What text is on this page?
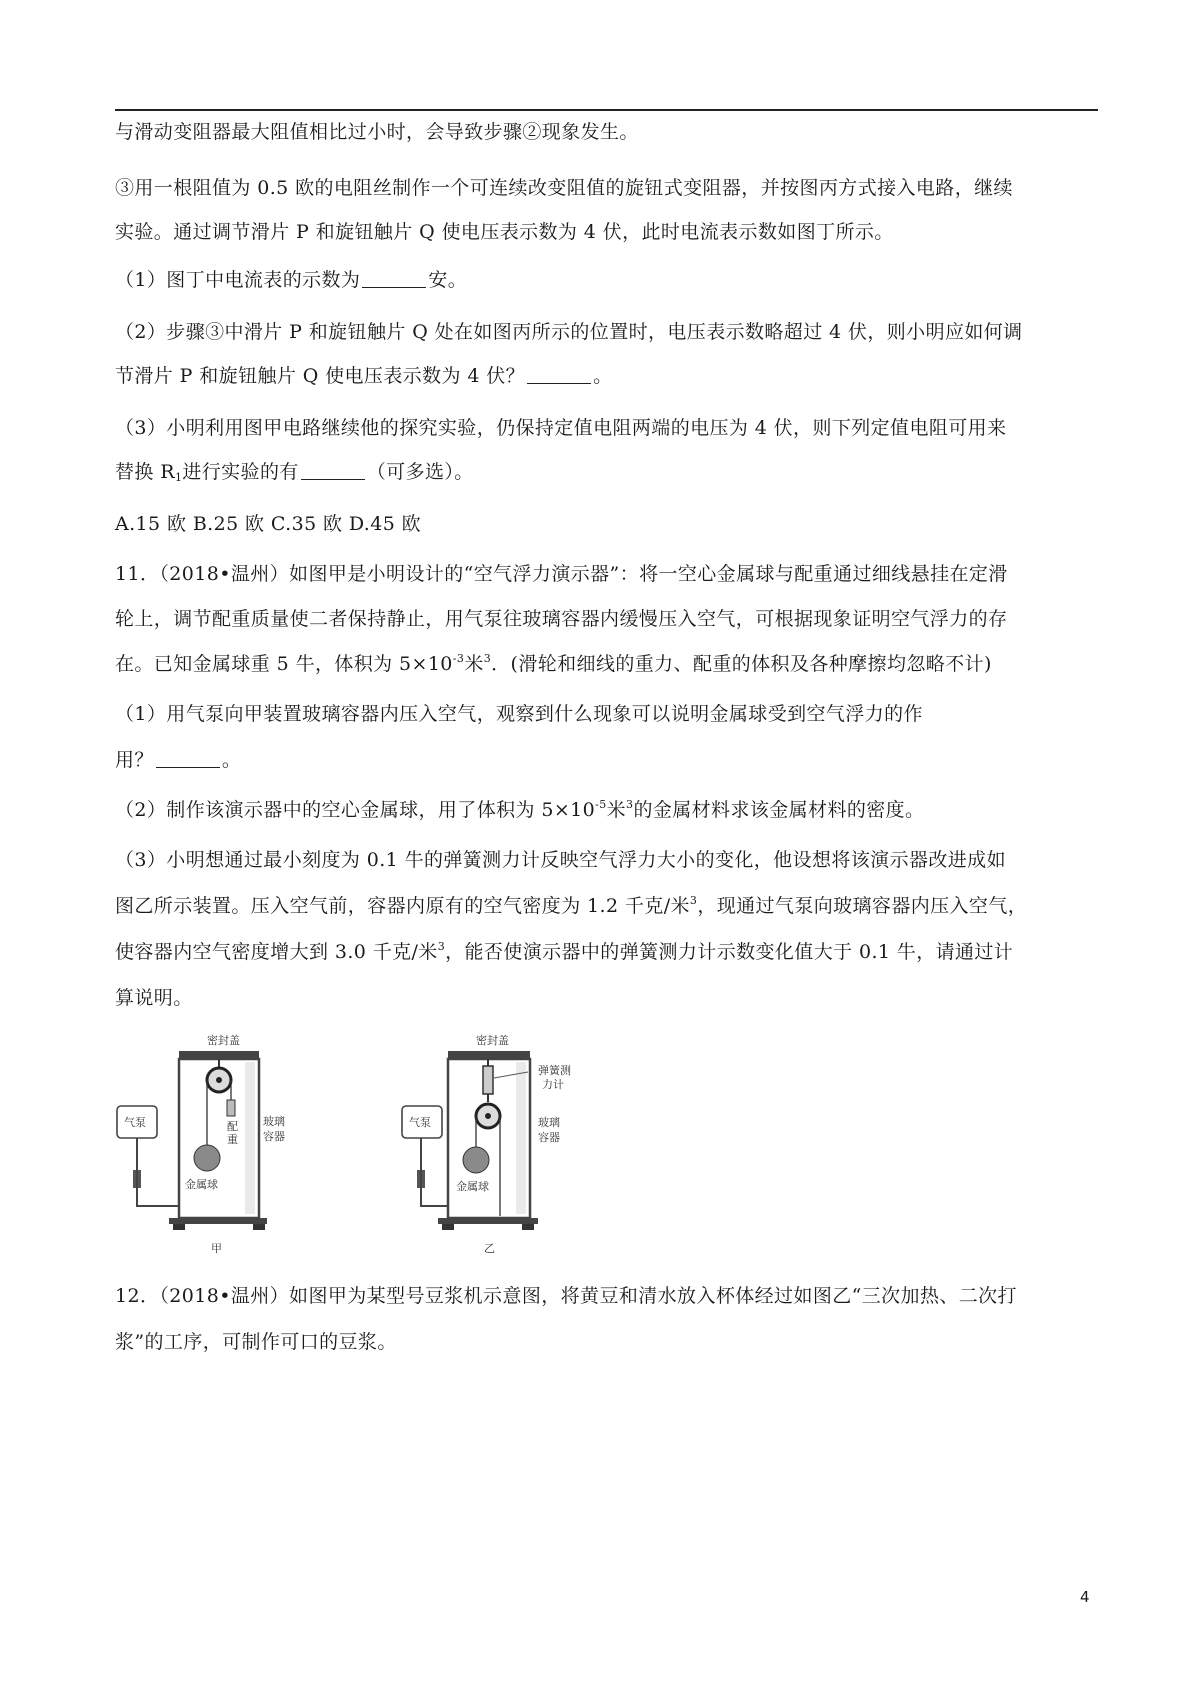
与滑动变阻器最大阻值相比过小时，会导致步骤②现象发生。
③用一根阻值为 0.5 欧的电阻丝制作一个可连续改变阻值的旋钮式变阻器，并按图丙方式接入电路，继续
实验。通过调节滑片 P 和旋钮触片 Q 使电压表示数为 4 伏，此时电流表示数如图丁所示。
（1）图丁中电流表的示数为	安。
（2）步骤③中滑片 P 和旋钮触片 Q 处在如图丙所示的位置时，电压表示数略超过 4 伏，则小明应如何调
节滑片 P 和旋钮触片 Q 使电压表示数为 4 伏？	。
（3）小明利用图甲电路继续他的探究实验，仍保持定值电阻两端的电压为 4 伏，则下列定值电阻可用来
替换 $R_1$进行实验的有	（可多选）。
A.15 欧 B.25 欧 C.35 欧 D.45 欧
11．（2018•温州）如图甲是小明设计的“空气浮力演示器”：将一空心金属球与配重通过细线悬挂在定滑
轮上，调节配重质量使二者保持静止，用气泵往玻璃容器内缓慢压入空气，可根据现象证明空气浮力的存
在。已知金属球重 5 牛，体积为 $5\times 10^{-3}$米$^3$．(滑轮和细线的重力、配重的体积及各种摩擦均忽略不计)
（1）用气泵向甲装置玻璃容器内压入空气，观察到什么现象可以说明金属球受到空气浮力的作
用？	。
（2）制作该演示器中的空心金属球，用了体积为 $5\times 10^{-5}$米$^3$的金属材料求该金属材料的密度。
（3）小明想通过最小刻度为 0.1 牛的弹簧测力计反映空气浮力大小的变化，他设想将该演示器改进成如
图乙所示装置。压入空气前，容器内原有的空气密度为 1.2 千克/米$^3$，现通过气泵向玻璃容器内压入空气，
使容器内空气密度增大到 3.0 千克/米$^3$，能否使演示器中的弹簧测力计示数变化值大于 0.1 牛，请通过计
算说明。
密封盖
配
重
金属球
玻璃
容器
气泵
甲
密封盖
金属球
弹簧测
力计
玻璃
容器
气泵
乙
12．（2018•温州）如图甲为某型号豆浆机示意图，将黄豆和清水放入杯体经过如图乙“三次加热、二次打
浆”的工序，可制作可口的豆浆。
4
